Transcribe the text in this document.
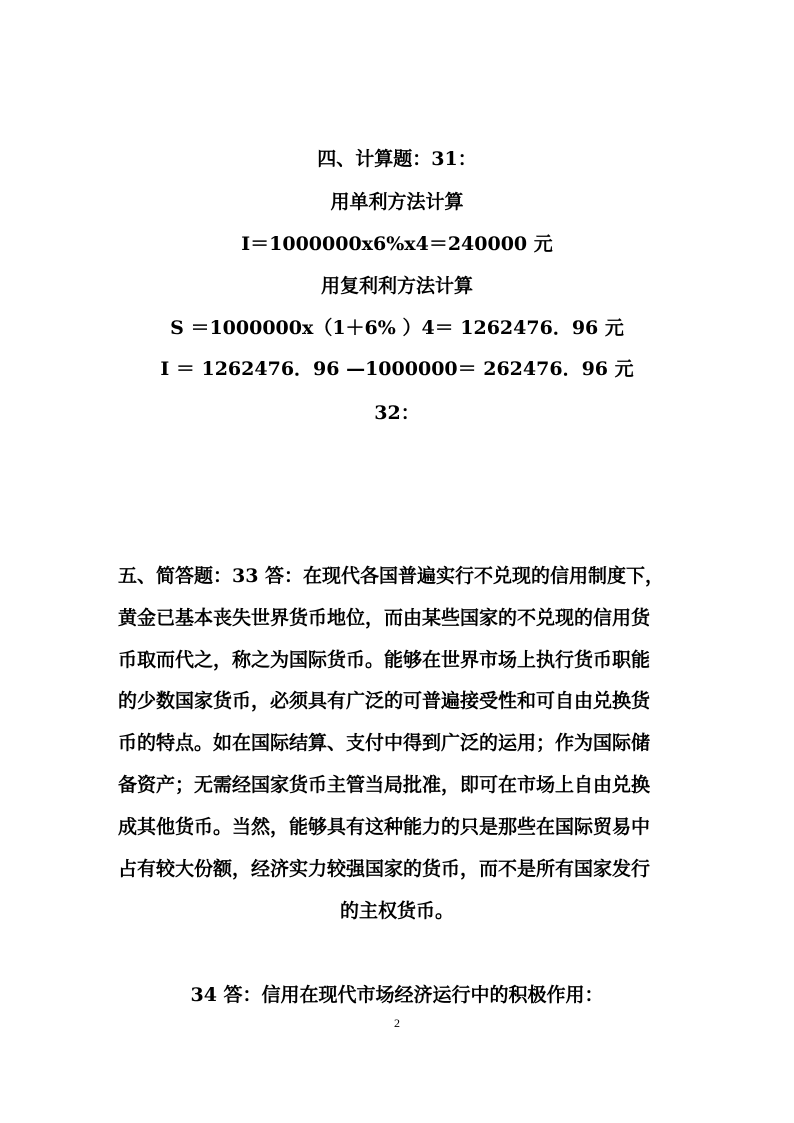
四、计算题：31：
用单利方法计算
I＝1000000x6%x4＝240000 元
用复利利方法计算
S ＝1000000x（1＋6% ）4＝ 1262476．96 元
I ＝ 1262476．96 —1000000＝ 262476．96 元
32：
五、简答题：33 答：在现代各国普遍实行不兑现的信用制度下，
黄金已基本丧失世界货币地位，而由某些国家的不兑现的信用货
币取而代之，称之为国际货币。能够在世界市场上执行货币职能
的少数国家货币，必须具有广泛的可普遍接受性和可自由兑换货
币的特点。如在国际结算、支付中得到广泛的运用；作为国际储
备资产；无需经国家货币主管当局批准，即可在市场上自由兑换
成其他货币。当然，能够具有这种能力的只是那些在国际贸易中
占有较大份额，经济实力较强国家的货币，而不是所有国家发行
的主权货币。
34 答：信用在现代市场经济运行中的积极作用：
2
